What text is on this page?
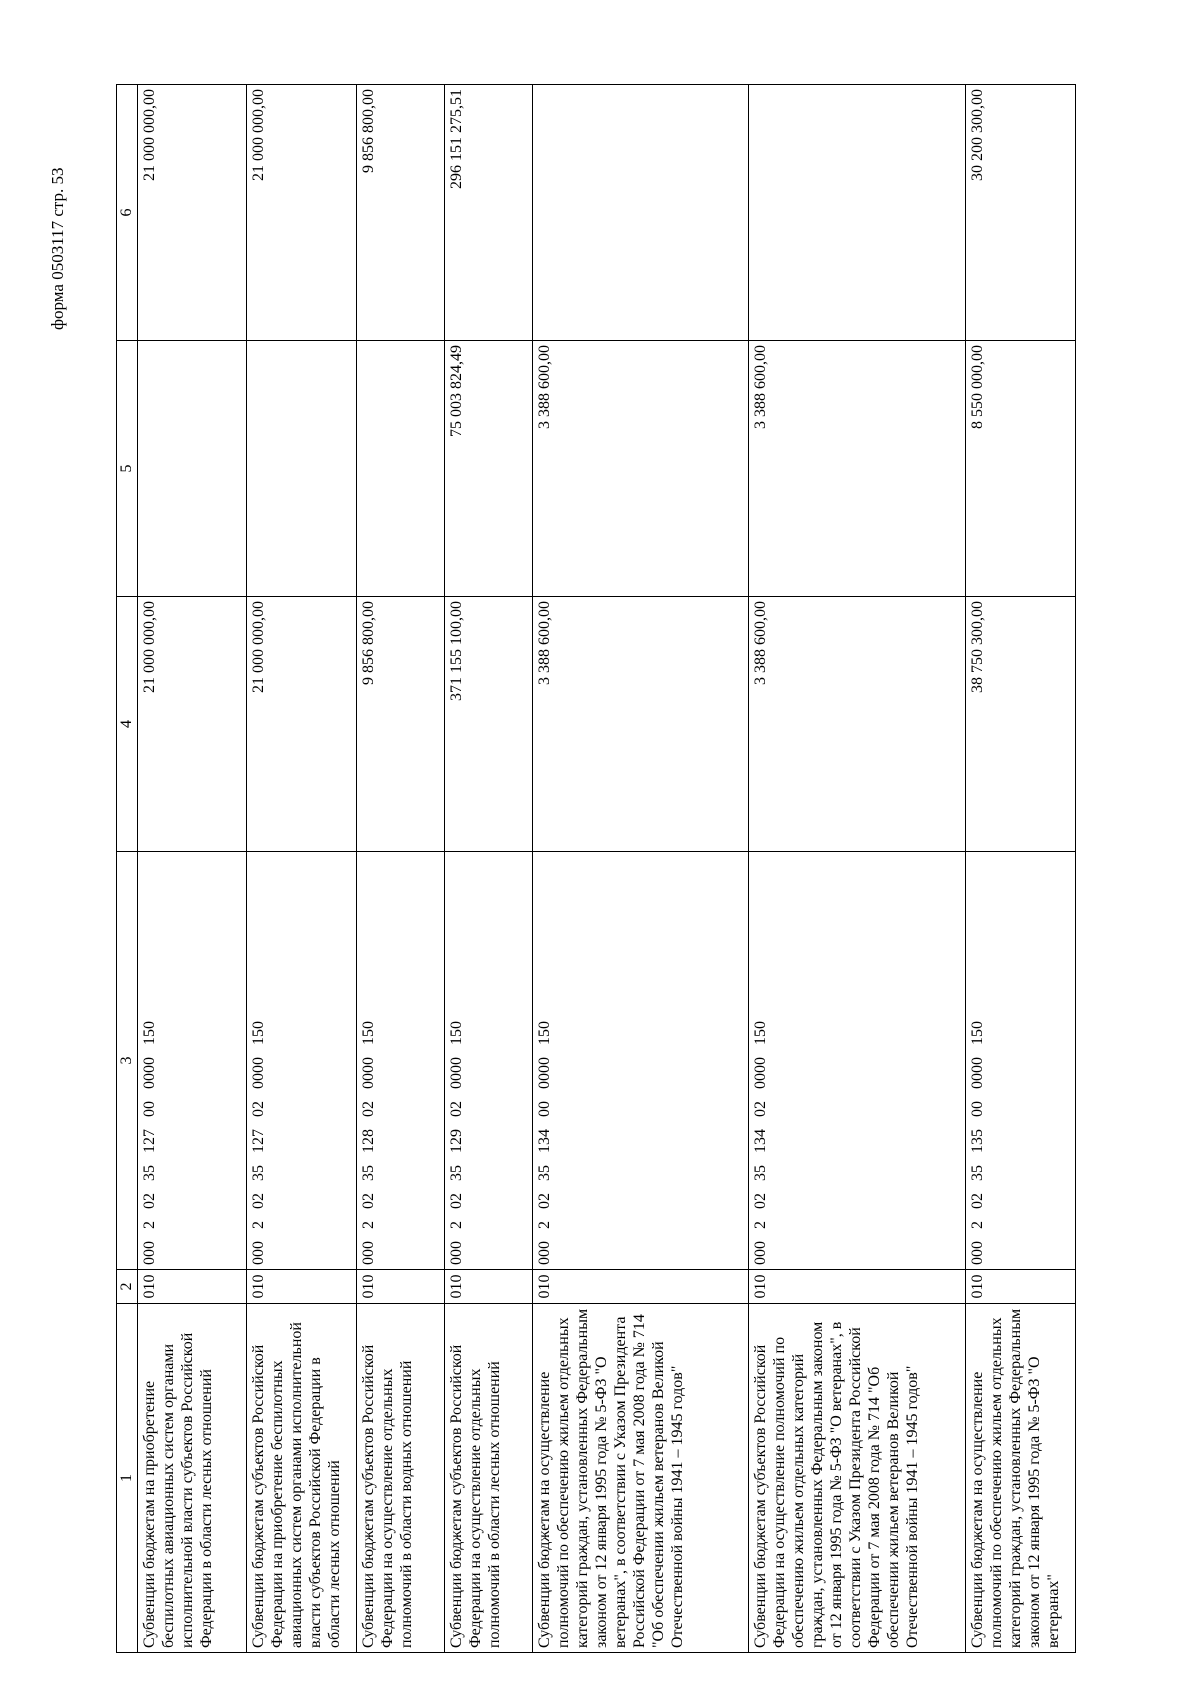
форма 0503117 стр. 53
1	2	3	4	5	6
Субвенции бюджетам на приобретение беспилотных авиационных систем органами исполнительной власти субъектов Российской Федерации в области лесных отношений	010	000 2 02 35 127 00 0000 150	21 000 000,00		21 000 000,00
Субвенции бюджетам субъектов Российской Федерации на приобретение беспилотных авиационных систем органами исполнительной власти субъектов Российской Федерации в области лесных отношений	010	000 2 02 35 127 02 0000 150	21 000 000,00		21 000 000,00
Субвенции бюджетам субъектов Российской Федерации на осуществление отдельных полномочий в области водных отношений	010	000 2 02 35 128 02 0000 150	9 856 800,00		9 856 800,00
Субвенции бюджетам субъектов Российской Федерации на осуществление отдельных полномочий в области лесных отношений	010	000 2 02 35 129 02 0000 150	371 155 100,00	75 003 824,49	296 151 275,51
Субвенции бюджетам на осуществление полномочий по обеспечению жильем отдельных категорий граждан, установленных Федеральным законом от 12 января 1995 года № 5-ФЗ "О ветеранах", в соответствии с Указом Президента Российской Федерации от 7 мая 2008 года № 714 "Об обеспечении жильем ветеранов Великой Отечественной войны 1941 – 1945 годов"	010	000 2 02 35 134 00 0000 150	3 388 600,00	3 388 600,00	
Субвенции бюджетам субъектов Российской Федерации на осуществление полномочий по обеспечению жильем отдельных категорий граждан, установленных Федеральным законом от 12 января 1995 года № 5-ФЗ "О ветеранах", в соответствии с Указом Президента Российской Федерации от 7 мая 2008 года № 714 "Об обеспечении жильем ветеранов Великой Отечественной войны 1941 – 1945 годов"	010	000 2 02 35 134 02 0000 150	3 388 600,00	3 388 600,00	
Субвенции бюджетам на осуществление полномочий по обеспечению жильем отдельных категорий граждан, установленных Федеральным законом от 12 января 1995 года № 5-ФЗ "О ветеранах"	010	000 2 02 35 135 00 0000 150	38 750 300,00	8 550 000,00	30 200 300,00
